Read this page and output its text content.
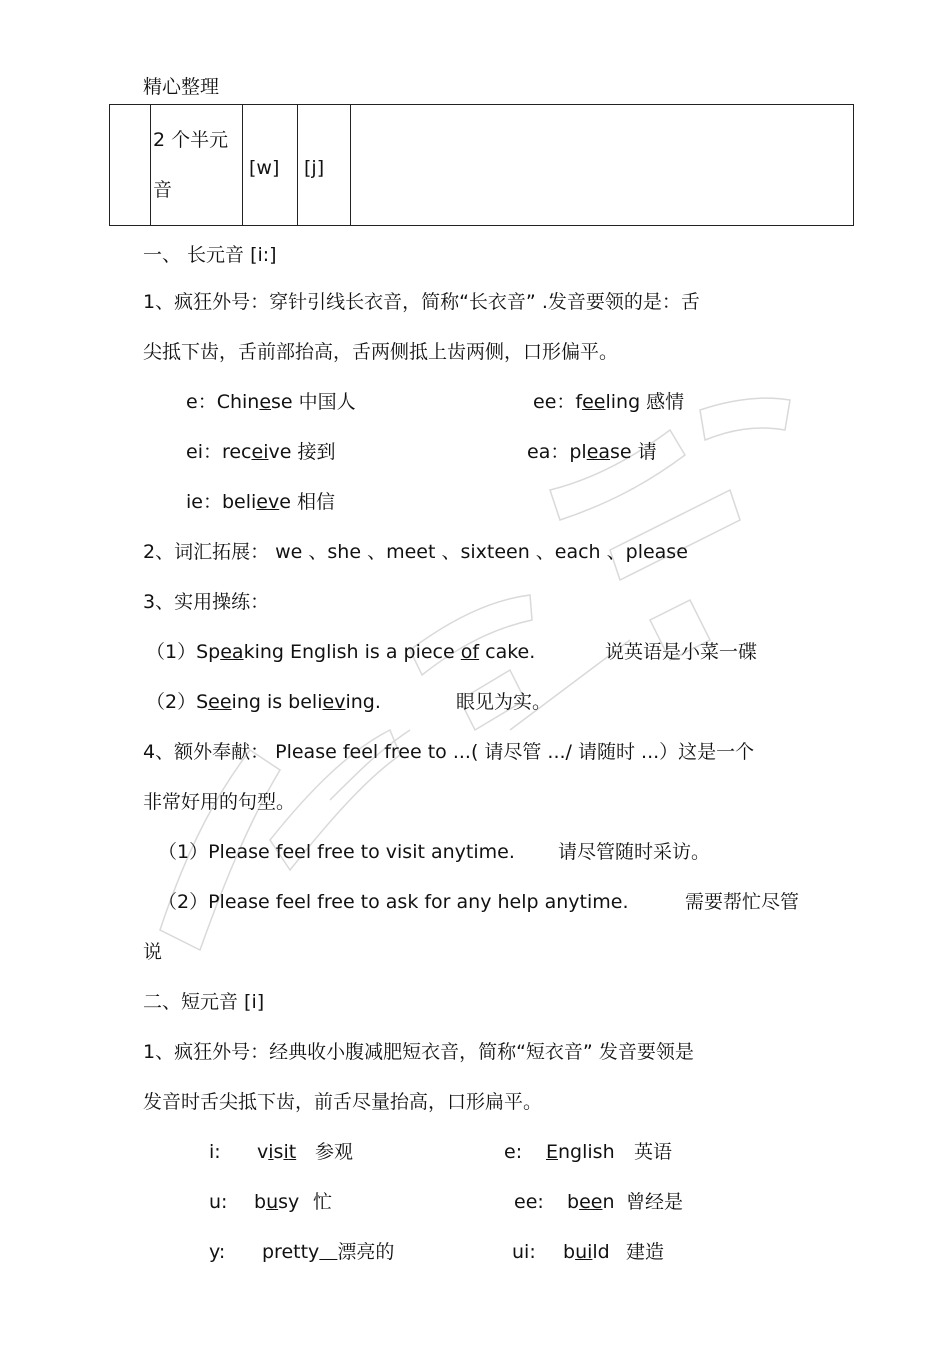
精心整理
	2 个半元音	[w]	[j]	
一、 长元音 [i:]
1、疯狂外号：穿针引线长衣音，简称“长衣音” .发音要领的是：舌
尖抵下齿，舌前部抬高，舌两侧抵上齿两侧，口形偏平。
e：Chinese 中国人	ee：feeling 感情
ei：receive 接到	ea：please 请
ie：believe 相信
2、词汇拓展： we 、she 、meet 、sixteen 、each 、please
3、实用操练：
（1）Speaking English is a piece of cake.	说英语是小菜一碟
（2）Seeing is believing.	眼见为实。
4、额外奉献： Please feel free to ...( 请尽管 .../ 请随时 ...）这是一个
非常好用的句型。
（1）Please feel free to visit anytime. 请尽管随时采访。
（2）Please feel free to ask for any help anytime.	需要帮忙尽管
说
二、短元音 [i]
1、疯狂外号：经典收小腹减肥短衣音，简称“短衣音” 发音要领是
发音时舌尖抵下齿，前舌尽量抬高，口形扁平。
i: visit 参观	e: English 英语
u: busy 忙	ee: been 曾经是
y: pretty 漂亮的	ui: build 建造
